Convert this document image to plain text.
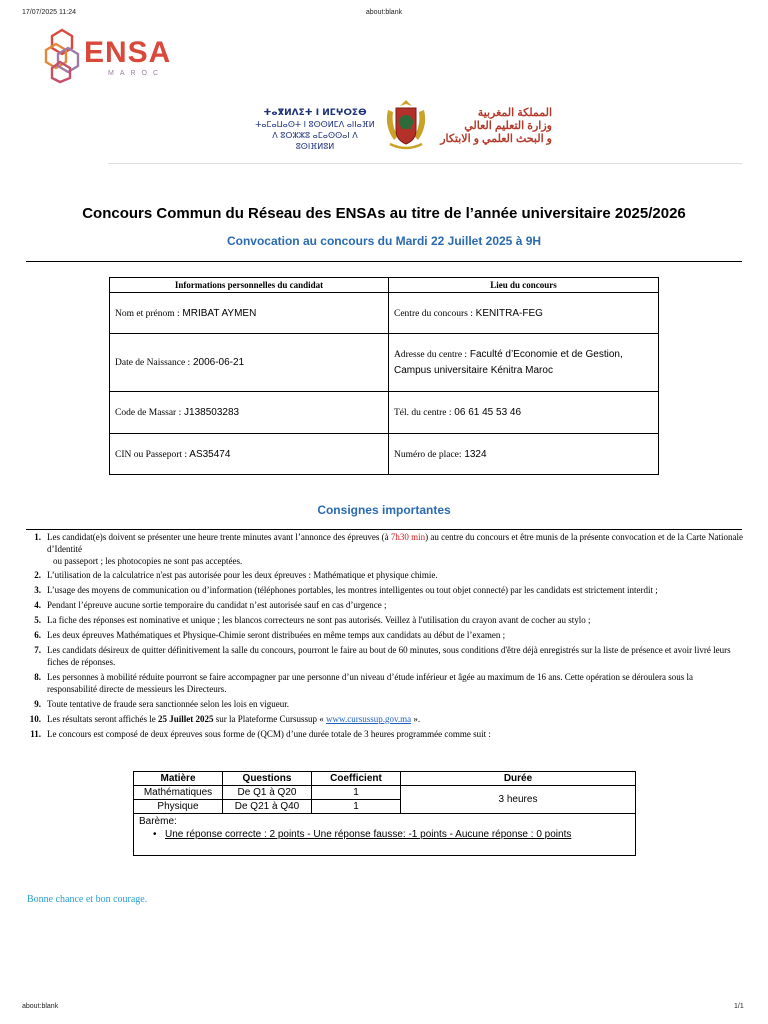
17/07/2025 11:24	about:blank
about:blank	1/1
ENSA
MAROC
ⵜⴰⴳⵍⴷⵉⵜ ⵏ ⵍⵎⵖⵔⵉⴱ
ⵜⴰⵎⴰⵡⴰⵙⵜ ⵏ ⵓⵙⵙⵍⵎⴷ ⴰⵏⵏⴰⴼⵍ
ⴷ ⵓⵔⵣⵣⵓ ⴰⵎⴰⵙⵙⴰⵏ ⴷ ⵓⵙⵏⴼⵍⵓⵍ
المملكة المغربية
وزارة التعليم العالي
و البحث العلمي و الابتكار
Concours Commun du Réseau des ENSAs au titre de l’année universitaire 2025/2026
Convocation au concours du Mardi 22 Juillet 2025 à 9H
Informations personnelles du candidat	Lieu du concours
Nom et prénom : MRIBAT AYMEN	Centre du concours : KENITRA-FEG
Date de Naissance : 2006-06-21	Adresse du centre : Faculté d’Economie et de Gestion, Campus universitaire Kénitra Maroc
Code de Massar : J138503283	Tél. du centre : 06 61 45 53 46
CIN ou Passeport : AS35474	Numéro de place: 1324
Consignes importantes
1. Les candidat(e)s doivent se présenter une heure trente minutes avant l’annonce des épreuves (à 7h30 min) au centre du concours et être munis de la présente convocation et de la Carte Nationale d’Identité
ou passeport ; les photocopies ne sont pas acceptées.
2. L’utilisation de la calculatrice n'est pas autorisée pour les deux épreuves : Mathématique et physique chimie.
3. L’usage des moyens de communication ou d’information (téléphones portables, les montres intelligentes ou tout objet connecté) par les candidats est strictement interdit ;
4. Pendant l’épreuve aucune sortie temporaire du candidat n’est autorisée sauf en cas d’urgence ;
5. La fiche des réponses est nominative et unique ; les blancos correcteurs ne sont pas autorisés. Veillez à l'utilisation du crayon avant de cocher au stylo ;
6. Les deux épreuves Mathématiques et Physique-Chimie seront distribuées en même temps aux candidats au début de l’examen ;
7. Les candidats désireux de quitter définitivement la salle du concours, pourront le faire au bout de 60 minutes, sous conditions d'être déjà enregistrés sur la liste de présence et avoir livré leurs fiches de réponses.
8. Les personnes à mobilité réduite pourront se faire accompagner par une personne d’un niveau d’étude inférieur et âgée au maximum de 16 ans. Cette opération se déroulera sous la responsabilité directe de messieurs les Directeurs.
9. Toute tentative de fraude sera sanctionnée selon les lois en vigueur.
10. Les résultats seront affichés le 25 Juillet 2025 sur la Plateforme Cursussup « www.cursussup.gov.ma ».
11. Le concours est composé de deux épreuves sous forme de (QCM) d’une durée totale de 3 heures programmée comme suit :
Matière	Questions	Coefficient	Durée
Mathématiques	De Q1 à Q20	1	3 heures
Physique	De Q21 à Q40	1	

Barème:
• Une réponse correcte : 2 points - Une réponse fausse: -1 points - Aucune réponse : 0 points			
Bonne chance et bon courage.
